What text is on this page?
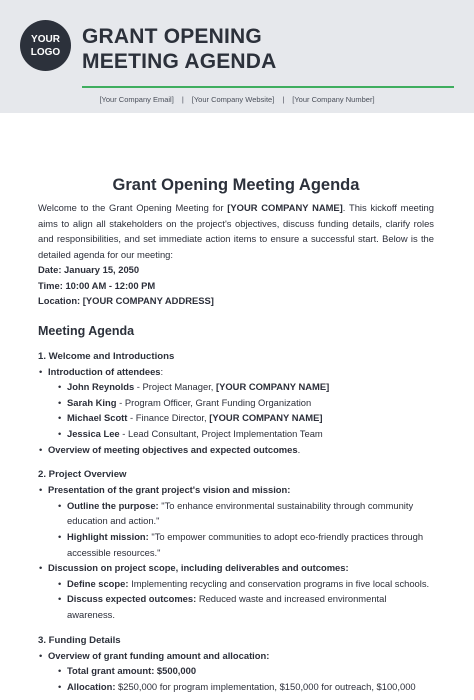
YOUR
LOGO
GRANT OPENING
MEETING AGENDA
[Your Company Email] | [Your Company Website] | [Your Company Number]
Grant Opening Meeting Agenda

Welcome to the Grant Opening Meeting for [YOUR COMPANY NAME]. This kickoff meeting aims to align all stakeholders on the project's objectives, discuss funding details, clarify roles and responsibilities, and set immediate action items to ensure a successful start. Below is the detailed agenda for our meeting:

Date: January 15, 2050
Time: 10:00 AM - 12:00 PM
Location: [YOUR COMPANY ADDRESS]
Meeting Agenda
1. Welcome and Introductions
• Introduction of attendees:
• John Reynolds - Project Manager, [YOUR COMPANY NAME]
• Sarah King - Program Officer, Grant Funding Organization
• Michael Scott - Finance Director, [YOUR COMPANY NAME]
• Jessica Lee - Lead Consultant, Project Implementation Team
• Overview of meeting objectives and expected outcomes.
2. Project Overview
• Presentation of the grant project's vision and mission:
• Outline the purpose: "To enhance environmental sustainability through community education and action."
• Highlight mission: "To empower communities to adopt eco-friendly practices through accessible resources."
• Discussion on project scope, including deliverables and outcomes:
• Define scope: Implementing recycling and conservation programs in five local schools.
• Discuss expected outcomes: Reduced waste and increased environmental awareness.
3. Funding Details
• Overview of grant funding amount and allocation:
• Total grant amount: $500,000
• Allocation: $250,000 for program implementation, $150,000 for outreach, $100,000
